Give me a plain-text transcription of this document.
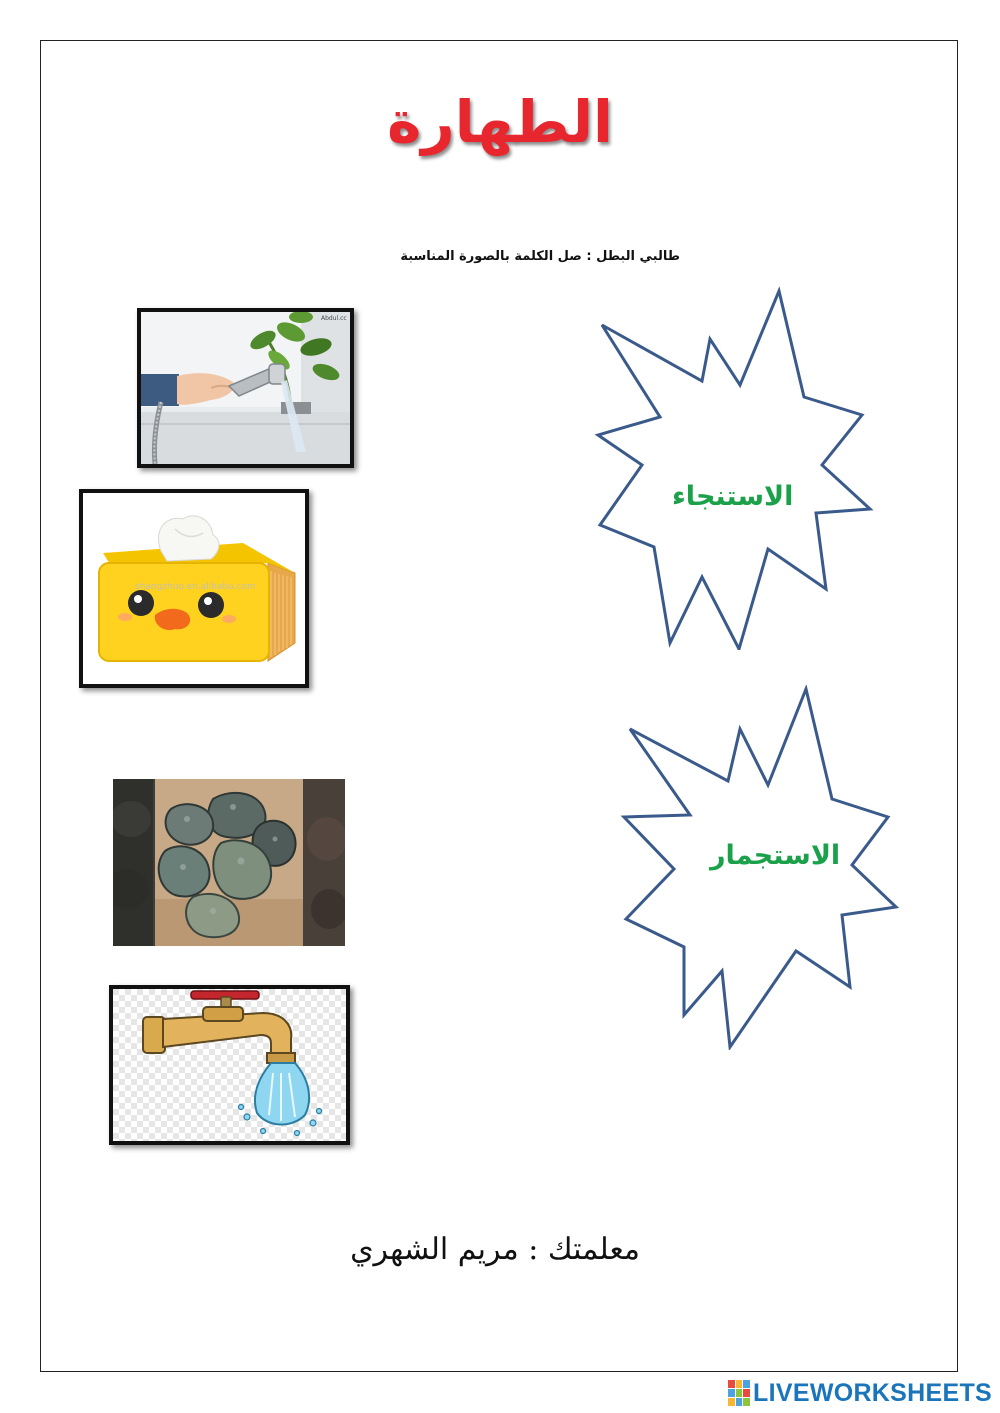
الطهارة
طالبي البطل : صل الكلمة بالصورة المناسبة
Abdul.cc
shangzhuo.en.alibaba.com
الاستنجاء
الاستجمار
معلمتك : مريم الشهري
LIVEWORKSHEETS
